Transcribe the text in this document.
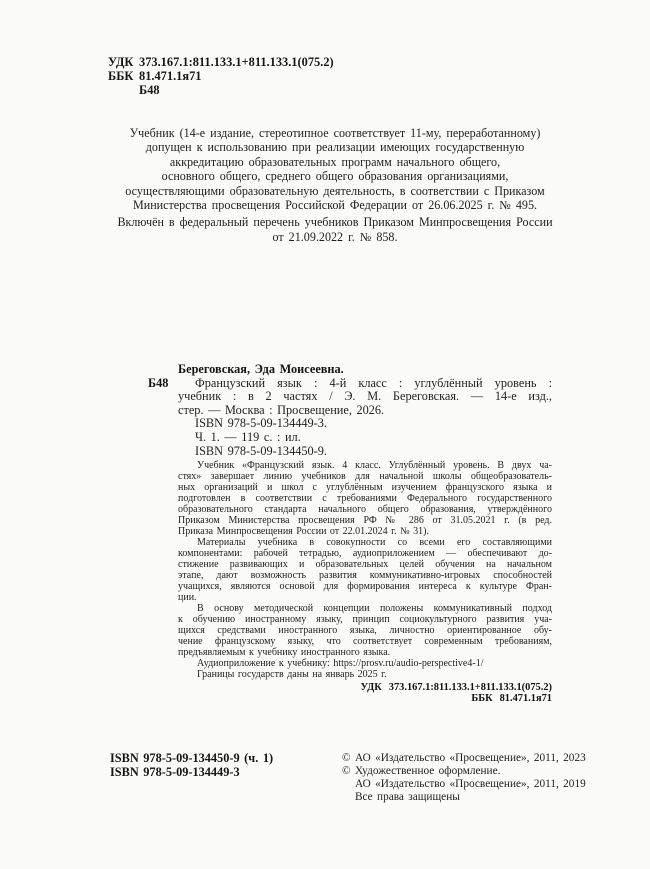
УДК 373.167.1:811.133.1+811.133.1(075.2)
ББК 81.471.1я71
Б48
Учебник (14-е издание, стереотипное соответствует 11-му, переработанному)
допущен к использованию при реализации имеющих государственную
аккредитацию образовательных программ начального общего,
основного общего, среднего общего образования организациями,
осуществляющими образовательную деятельность, в соответствии с Приказом
Министерства просвещения Российской Федерации от 26.06.2025 г. № 495.
Включён в федеральный перечень учебников Приказом Минпросвещения России
от 21.09.2022 г. № 858.
Береговская, Эда Моисеевна.
Б48	Французский язык : 4-й класс : углублённый уровень :
учебник : в 2 частях / Э. М. Береговская. — 14-е изд.,
стер. — Москва : Просвещение, 2026.
ISBN 978-5-09-134449-3.
Ч. 1. — 119 с. : ил.
ISBN 978-5-09-134450-9.
Учебник «Французский язык. 4 класс. Углублённый уровень. В двух ча-
стях» завершает линию учебников для начальной школы общеобразователь-
ных организаций и школ с углублённым изучением французского языка и
подготовлен в соответствии с требованиями Федерального государственного
образовательного стандарта начального общего образования, утверждённого
Приказом Министерства просвещения РФ № 286 от 31.05.2021 г. (в ред.
Приказа Минпросвещения России от 22.01.2024 г. № 31).
Материалы учебника в совокупности со всеми его составляющими
компонентами: рабочей тетрадью, аудиоприложением — обеспечивают до-
стижение развивающих и образовательных целей обучения на начальном
этапе, дают возможность развития коммуникативно-игровых способностей
учащихся, являются основой для формирования интереса к культуре Фран-
ции.
В основу методической концепции положены коммуникативный подход
к обучению иностранному языку, принцип социокультурного развития уча-
щихся средствами иностранного языка, личностно ориентированное обу-
чение французскому языку, что соответствует современным требованиям,
предъявляемым к учебнику иностранного языка.
Аудиоприложение к учебнику: https://prosv.ru/audio-perspective4-1/
Границы государств даны на январь 2025 г.
УДК 373.167.1:811.133.1+811.133.1(075.2)
ББК 81.471.1я71
ISBN 978-5-09-134450-9 (ч. 1)
ISBN 978-5-09-134449-3
© АО «Издательство «Просвещение», 2011, 2023
© Художественное оформление.
АО «Издательство «Просвещение», 2011, 2019
Все права защищены
